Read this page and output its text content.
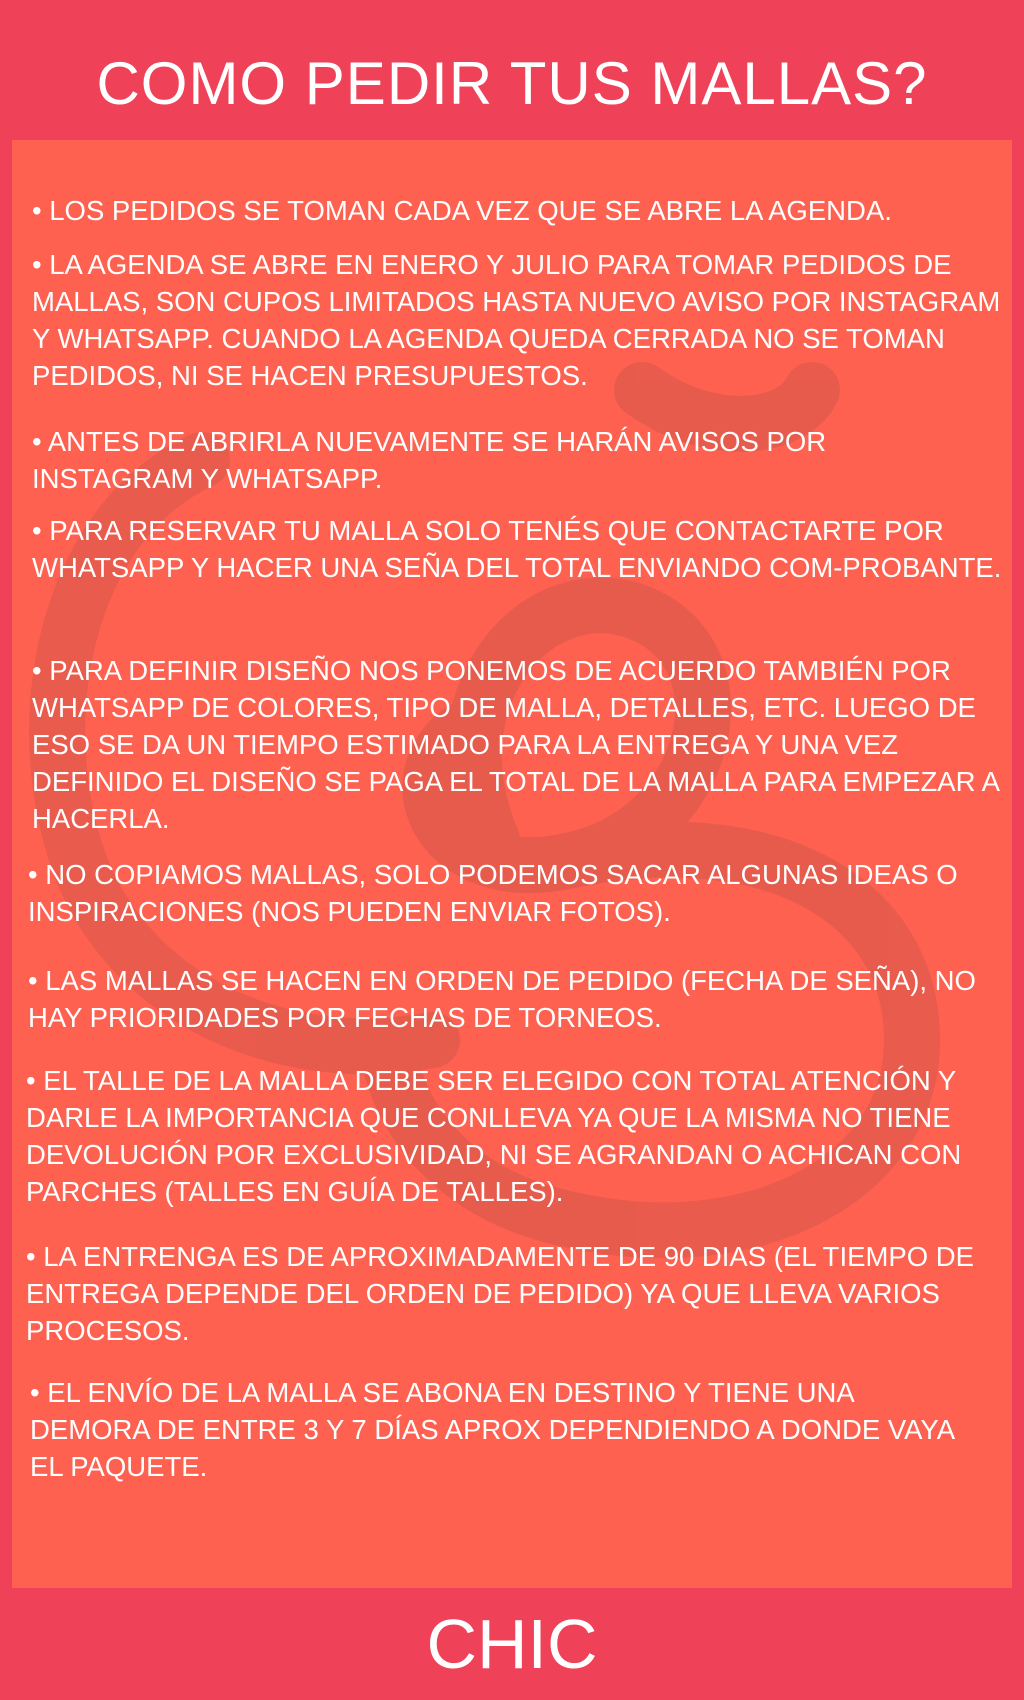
COMO PEDIR TUS MALLAS?

• LOS PEDIDOS SE TOMAN CADA VEZ QUE SE ABRE LA AGENDA.

• LA AGENDA SE ABRE EN ENERO Y JULIO PARA TOMAR PEDIDOS DE MALLAS, SON CUPOS LIMITADOS HASTA NUEVO AVISO POR INSTAGRAM Y WHATSAPP. CUANDO LA AGENDA QUEDA CERRADA NO SE TOMAN PEDIDOS, NI SE HACEN PRESUPUESTOS.

• ANTES DE ABRIRLA NUEVAMENTE SE HARÁN AVISOS POR INSTAGRAM Y WHATSAPP.

• PARA RESERVAR TU MALLA SOLO TENÉS QUE CONTACTARTE POR WHATSAPP Y HACER UNA SEÑA DEL TOTAL ENVIANDO COM-PROBANTE.

• PARA DEFINIR DISEÑO NOS PONEMOS DE ACUERDO TAMBIÉN POR WHATSAPP DE COLORES, TIPO DE MALLA, DETALLES, ETC. LUEGO DE ESO SE DA UN TIEMPO ESTIMADO PARA LA ENTREGA Y UNA VEZ DEFINIDO EL DISEÑO SE PAGA EL TOTAL DE LA MALLA PARA EMPEZAR A HACERLA.

• NO COPIAMOS MALLAS, SOLO PODEMOS SACAR ALGUNAS IDEAS O INSPIRACIONES (NOS PUEDEN ENVIAR FOTOS).

• LAS MALLAS SE HACEN EN ORDEN DE PEDIDO (FECHA DE SEÑA), NO HAY PRIORIDADES POR FECHAS DE TORNEOS.

• EL TALLE DE LA MALLA DEBE SER ELEGIDO CON TOTAL ATENCIÓN Y DARLE LA IMPORTANCIA QUE CONLLEVA YA QUE LA MISMA NO TIENE DEVOLUCIÓN POR EXCLUSIVIDAD, NI SE AGRANDAN O ACHICAN CON PARCHES (TALLES EN GUÍA DE TALLES).

• LA ENTRENGA ES DE APROXIMADAMENTE DE 90 DIAS (EL TIEMPO DE ENTREGA DEPENDE DEL ORDEN DE PEDIDO) YA QUE LLEVA VARIOS PROCESOS.

• EL ENVÍO DE LA MALLA SE ABONA EN DESTINO Y TIENE UNA DEMORA DE ENTRE 3 Y 7 DÍAS APROX DEPENDIENDO A DONDE VAYA EL PAQUETE.

CHIC
